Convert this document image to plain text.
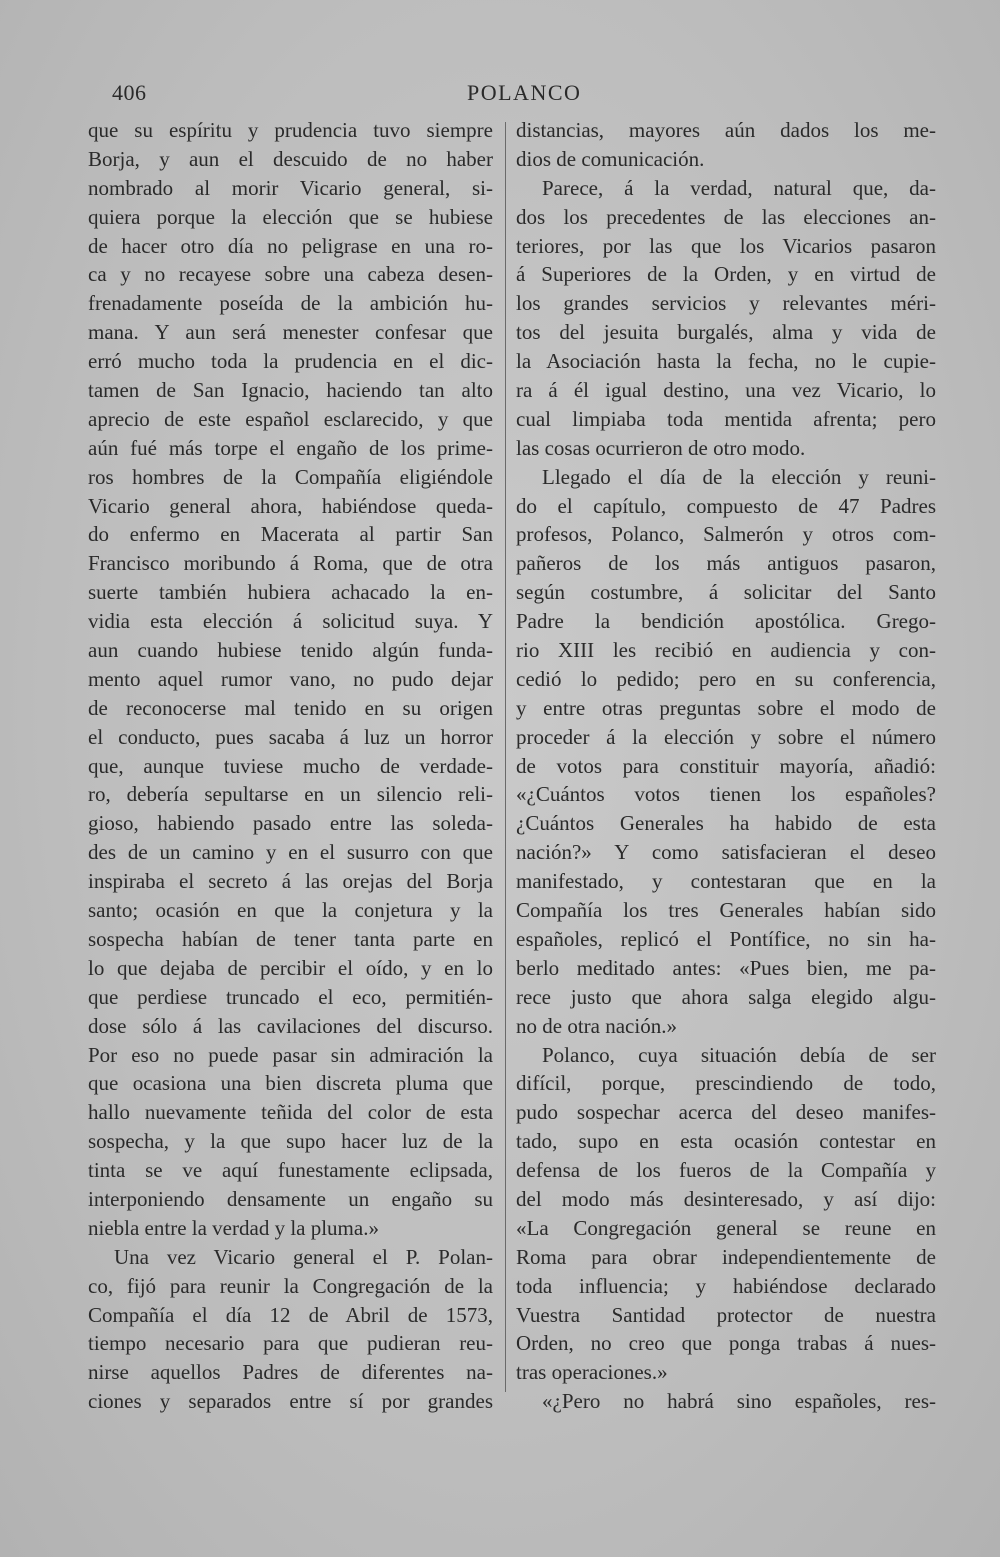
406	POLANCO
que su espíritu y prudencia tuvo siempre
Borja, y aun el descuido de no haber
nombrado al morir Vicario general, si-
quiera porque la elección que se hubiese
de hacer otro día no peligrase en una ro-
ca y no recayese sobre una cabeza desen-
frenadamente poseída de la ambición hu-
mana. Y aun será menester confesar que
erró mucho toda la prudencia en el dic-
tamen de San Ignacio, haciendo tan alto
aprecio de este español esclarecido, y que
aún fué más torpe el engaño de los prime-
ros hombres de la Compañía eligiéndole
Vicario general ahora, habiéndose queda-
do enfermo en Macerata al partir San
Francisco moribundo á Roma, que de otra
suerte también hubiera achacado la en-
vidia esta elección á solicitud suya. Y
aun cuando hubiese tenido algún funda-
mento aquel rumor vano, no pudo dejar
de reconocerse mal tenido en su origen
el conducto, pues sacaba á luz un horror
que, aunque tuviese mucho de verdade-
ro, debería sepultarse en un silencio reli-
gioso, habiendo pasado entre las soleda-
des de un camino y en el susurro con que
inspiraba el secreto á las orejas del Borja
santo; ocasión en que la conjetura y la
sospecha habían de tener tanta parte en
lo que dejaba de percibir el oído, y en lo
que perdiese truncado el eco, permitién-
dose sólo á las cavilaciones del discurso.
Por eso no puede pasar sin admiración la
que ocasiona una bien discreta pluma que
hallo nuevamente teñida del color de esta
sospecha, y la que supo hacer luz de la
tinta se ve aquí funestamente eclipsada,
interponiendo densamente un engaño su
niebla entre la verdad y la pluma.»
Una vez Vicario general el P. Polan-
co, fijó para reunir la Congregación de la
Compañía el día 12 de Abril de 1573,
tiempo necesario para que pudieran reu-
nirse aquellos Padres de diferentes na-
ciones y separados entre sí por grandes
distancias, mayores aún dados los me-
dios de comunicación.
Parece, á la verdad, natural que, da-
dos los precedentes de las elecciones an-
teriores, por las que los Vicarios pasaron
á Superiores de la Orden, y en virtud de
los grandes servicios y relevantes méri-
tos del jesuita burgalés, alma y vida de
la Asociación hasta la fecha, no le cupie-
ra á él igual destino, una vez Vicario, lo
cual limpiaba toda mentida afrenta; pero
las cosas ocurrieron de otro modo.
Llegado el día de la elección y reuni-
do el capítulo, compuesto de 47 Padres
profesos, Polanco, Salmerón y otros com-
pañeros de los más antiguos pasaron,
según costumbre, á solicitar del Santo
Padre la bendición apostólica. Grego-
rio XIII les recibió en audiencia y con-
cedió lo pedido; pero en su conferencia,
y entre otras preguntas sobre el modo de
proceder á la elección y sobre el número
de votos para constituir mayoría, añadió:
«¿Cuántos votos tienen los españoles?
¿Cuántos Generales ha habido de esta
nación?» Y como satisfacieran el deseo
manifestado, y contestaran que en la
Compañía los tres Generales habían sido
españoles, replicó el Pontífice, no sin ha-
berlo meditado antes: «Pues bien, me pa-
rece justo que ahora salga elegido algu-
no de otra nación.»
Polanco, cuya situación debía de ser
difícil, porque, prescindiendo de todo,
pudo sospechar acerca del deseo manifes-
tado, supo en esta ocasión contestar en
defensa de los fueros de la Compañía y
del modo más desinteresado, y así dijo:
«La Congregación general se reune en
Roma para obrar independientemente de
toda influencia; y habiéndose declarado
Vuestra Santidad protector de nuestra
Orden, no creo que ponga trabas á nues-
tras operaciones.»
«¿Pero no habrá sino españoles, res-
